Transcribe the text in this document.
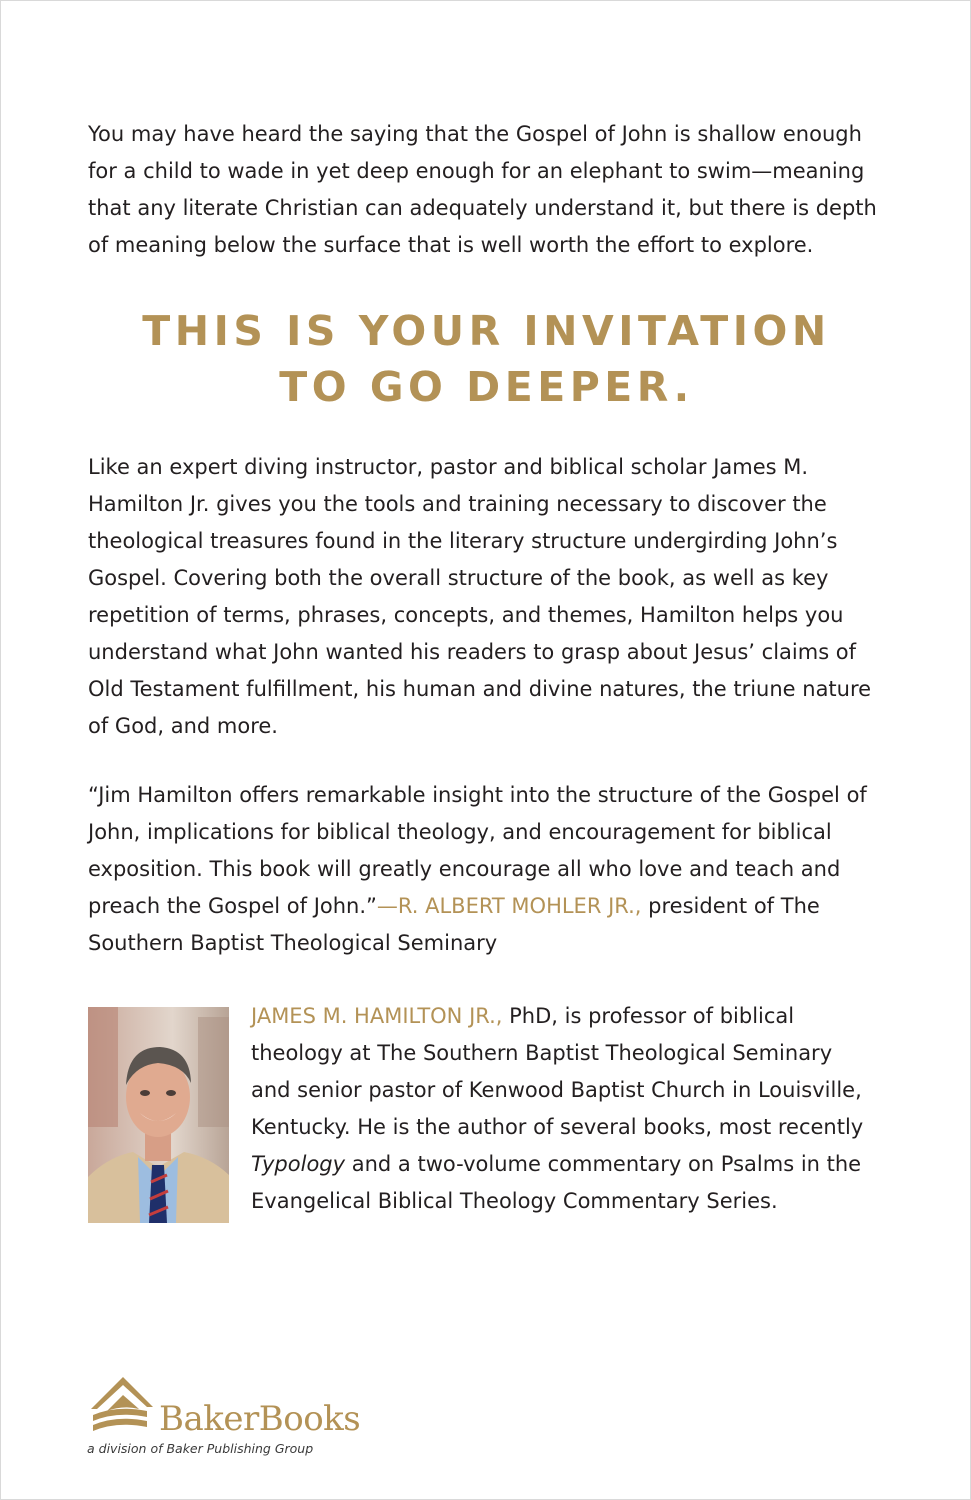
You may have heard the saying that the Gospel of John is shallow enough for a child to wade in yet deep enough for an elephant to swim—meaning that any literate Christian can adequately understand it, but there is depth of meaning below the surface that is well worth the effort to explore.

THIS IS YOUR INVITATION
TO GO DEEPER.

Like an expert diving instructor, pastor and biblical scholar James M. Hamilton Jr. gives you the tools and training necessary to discover the theological treasures found in the literary structure undergirding John’s Gospel. Covering both the overall structure of the book, as well as key repetition of terms, phrases, concepts, and themes, Hamilton helps you understand what John wanted his readers to grasp about Jesus’ claims of Old Testament fulfillment, his human and divine natures, the triune nature of God, and more.

“Jim Hamilton offers remarkable insight into the structure of the Gospel of John, implications for biblical theology, and encouragement for biblical exposition. This book will greatly encourage all who love and teach and preach the Gospel of John.”—R. ALBERT MOHLER JR., president of The Southern Baptist Theological Seminary

JAMES M. HAMILTON JR., PhD, is professor of biblical theology at The Southern Baptist Theological Seminary and senior pastor of Kenwood Baptist Church in Louisville, Kentucky. He is the author of several books, most recently Typology and a two-volume commentary on Psalms in the Evangelical Biblical Theology Commentary Series.

BakerBooks
a division of Baker Publishing Group
